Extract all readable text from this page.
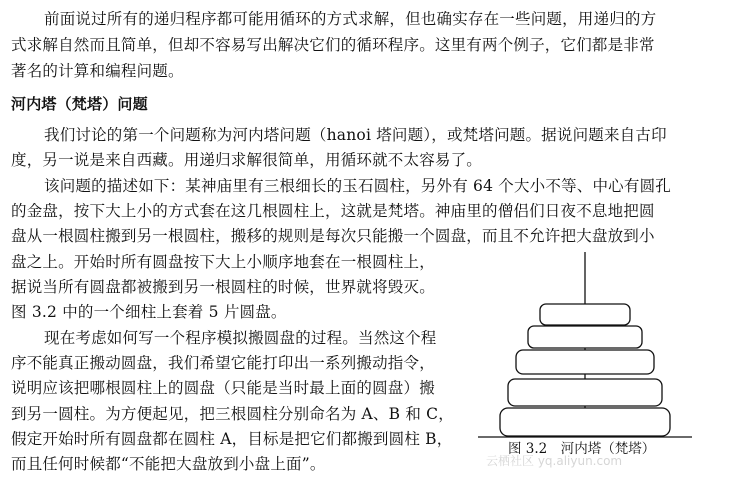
前面说过所有的递归程序都可能用循环的方式求解，但也确实存在一些问题，用递归的方
式求解自然而且简单，但却不容易写出解决它们的循环程序。这里有两个例子，它们都是非常
著名的计算和编程问题。
河内塔（梵塔）问题
我们讨论的第一个问题称为河内塔问题（hanoi 塔问题），或梵塔问题。据说问题来自古印
度，另一说是来自西藏。用递归求解很简单，用循环就不太容易了。
该问题的描述如下：某神庙里有三根细长的玉石圆柱，另外有 64 个大小不等、中心有圆孔
的金盘，按下大上小的方式套在这几根圆柱上，这就是梵塔。神庙里的僧侣们日夜不息地把圆
盘从一根圆柱搬到另一根圆柱，搬移的规则是每次只能搬一个圆盘，而且不允许把大盘放到小
盘之上。开始时所有圆盘按下大上小顺序地套在一根圆柱上，
据说当所有圆盘都被搬到另一根圆柱的时候，世界就将毁灭。
图 3.2 中的一个细柱上套着 5 片圆盘。
现在考虑如何写一个程序模拟搬圆盘的过程。当然这个程
序不能真正搬动圆盘，我们希望它能打印出一系列搬动指令，
说明应该把哪根圆柱上的圆盘（只能是当时最上面的圆盘）搬
到另一圆柱。为方便起见，把三根圆柱分别命名为 A、B 和 C，
假定开始时所有圆盘都在圆柱 A，目标是把它们都搬到圆柱 B，
而且任何时候都“不能把大盘放到小盘上面”。
图 3.2　河内塔（梵塔）
云栖社区 yq.aliyun.com
